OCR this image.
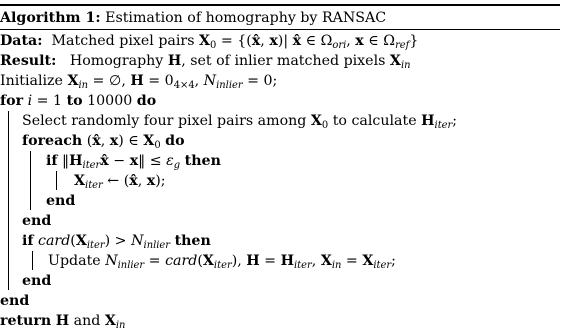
Algorithm 1: Estimation of homography by RANSAC
Data: Matched pixel pairs $X_0$ = {(x̂, x)| x̂ ∈ $\Omega_{ori}$, x ∈ $\Omega_{ref}$}
Result: Homography H, set of inlier matched pixels $X_{in}$
Initialize $X_{in}$ = ∅, $H = 0_{4\times 4}$, $N_{inlier} = 0$;
for i = 1 to 10000 do
Select randomly four pixel pairs among $X_0$ to calculate $H_{iter}$;
foreach (x̂, x) ∈ $X_0$ do
if $‖H_{iter}x̂$ − x‖ ≤ $\varepsilon_g$ then
$X_{iter}$ ← (x̂, x);
end
end
if $card(X_{iter}) > N_{inlier}$ then
Update $N_{inlier}$ = $card(X_{iter})$, $H = H_{iter}$, $X_{in} = X_{iter}$;
end
end
return H and $X_{in}$
